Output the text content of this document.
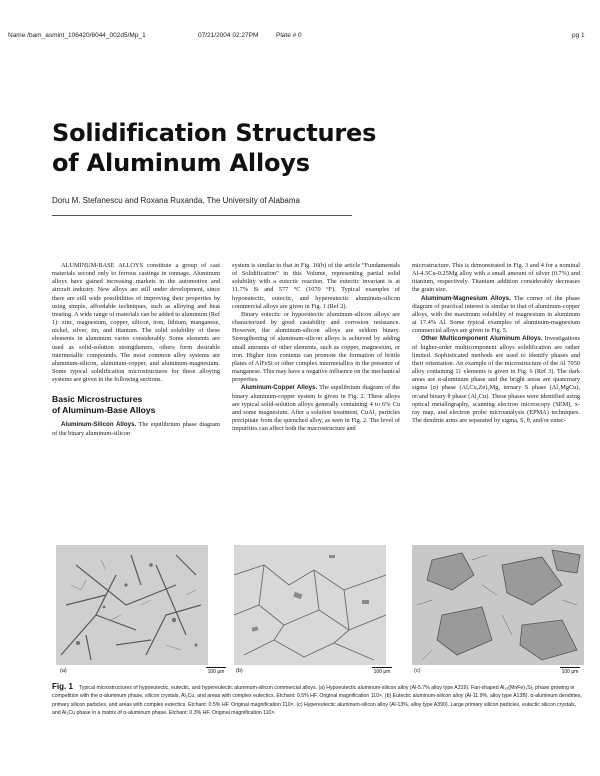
Name /bam_asmint_106420/6044_002d5/Mp_1	07/21/2004 02:27PM	Plate # 0	pg 1
Solidification Structures
of Aluminum Alloys
Doru M. Stefanescu and Roxana Ruxanda, The University of Alabama

ALUMINUM-BASE ALLOYS constitute a group of cast materials second only to ferrous castings in tonnage. Aluminum alloys have gained increasing markets in the automotive and aircraft industry. New alloys are still under development, since there are still wide possibilities of improving their properties by using simple, affordable techniques, such as alloying and heat treating. A wide range of materials can be added to aluminum (Ref 1): zinc, magnesium, copper, silicon, iron, lithium, manganese, nickel, silver, tin, and titanium. The solid solubility of these elements in aluminum varies considerably. Some elements are used as solid-solution strengtheners, others form desirable intermetallic compounds. The most common alloy systems are aluminum-silicon, aluminum-copper, and aluminum-magnesium. Some typical solidification microstructures for these alloying systems are given in the following sections.

Basic Microstructures
of Aluminum-Base Alloys

Aluminum-Silicon Alloys. The equilibrium phase diagram of the binary aluminum-silicon

system is similar to that in Fig. 16(b) of the article “Fundamentals of Solidification” in this Volume, representing partial solid solubility with a eutectic reaction. The eutectic invariant is at 11.7% Si and 577 °C (1070 °F). Typical examples of hypoeutectic, eutectic, and hypereutectic aluminum-silicon commercial alloys are given in Fig. 1 (Ref 2).

Binary eutectic or hypoeutectic aluminum-silicon alloys are characterized by good castability and corrosion resistance. However, the aluminum-silicon alloys are seldom binary. Strengthening of aluminum-silicon alloys is achieved by adding small amounts of other elements, such as copper, magnesium, or iron. Higher iron contents can promote the formation of brittle plates of AlFeSi or other complex intermetallics in the presence of manganese. This may have a negative influence on the mechanical properties.

Aluminum-Copper Alloys. The equilibrium diagram of the binary aluminum-copper system is given in Fig. 2. These alloys are typical solid-solution alloys generally containing 4 to 6% Cu and some magnesium. After a solution treatment, CuAl₂ particles precipitate from the quenched alloy, as seen in Fig. 2. The level of impurities can affect both the macrostructure and

microstructure. This is demonstrated in Fig. 3 and 4 for a nominal Al-4.5Cu-0.25Mg alloy with a small amount of silver (0.7%) and titanium, respectively. Titanium addition considerably decreases the grain size.

Aluminum-Magnesium Alloys. The corner of the phase diagram of practical interest is similar to that of aluminum-copper alloys, with the maximum solubility of magnesium in aluminum at 17.4% Al. Some typical examples of aluminum-magnesium commercial alloys are given in Fig. 5.

Other Multicomponent Aluminum Alloys. Investigations of higher-order multicomponent alloys solidification are rather limited. Sophisticated methods are used to identify phases and their orientation. An example of the microstructure of the Al 7050 alloy containing 11 elements is given in Fig. 6 (Ref 3). The dark areas are α-aluminum phase and the bright areas are quaternary sigma (σ) phase (Al,Cu,Zn)₂Mg, ternary S phase (Al₂MgCu), or/and binary θ phase (Al₂Cu). These phases were identified using optical metallography, scanning electron microscopy (SEM), x-ray map, and electron probe microanalysis (EPMA) techniques. The dendrite arms are separated by sigma, S, θ, and/or eutec-

(a)	(b)	(c)
100 μm	100 μm	100 μm
Fig. 1 Typical microstructures of hypoeutectic, eutectic, and hypereutectic aluminum-silicon commercial alloys. (a) Hypoeutectic aluminum-silicon alloy (Al-5.7% alloy type A319). Fan-shaped Al₁₅(MnFe)₃Si₂ phase growing in competition with the α-aluminum phase, silicon crystals, Al₂Cu, and areas with complex eutectics. Etchant: 0.5% HF. Original magnification 110×. (b) Eutectic aluminum-silicon alloy (Al-11.9%, alloy type A13B). α-aluminum dendrites, primary silicon particles, and areas with complex eutectics. Etchant: 0.5% HF. Original magnification 110×. (c) Hypereutectic aluminum-silicon alloy (Al-13%, alloy type A390). Large primary silicon particles, eutectic silicon crystals, and Al₂Cu phase in a matrix of α-aluminum phase. Etchant: 0.3% HF. Original magnification 110×.
